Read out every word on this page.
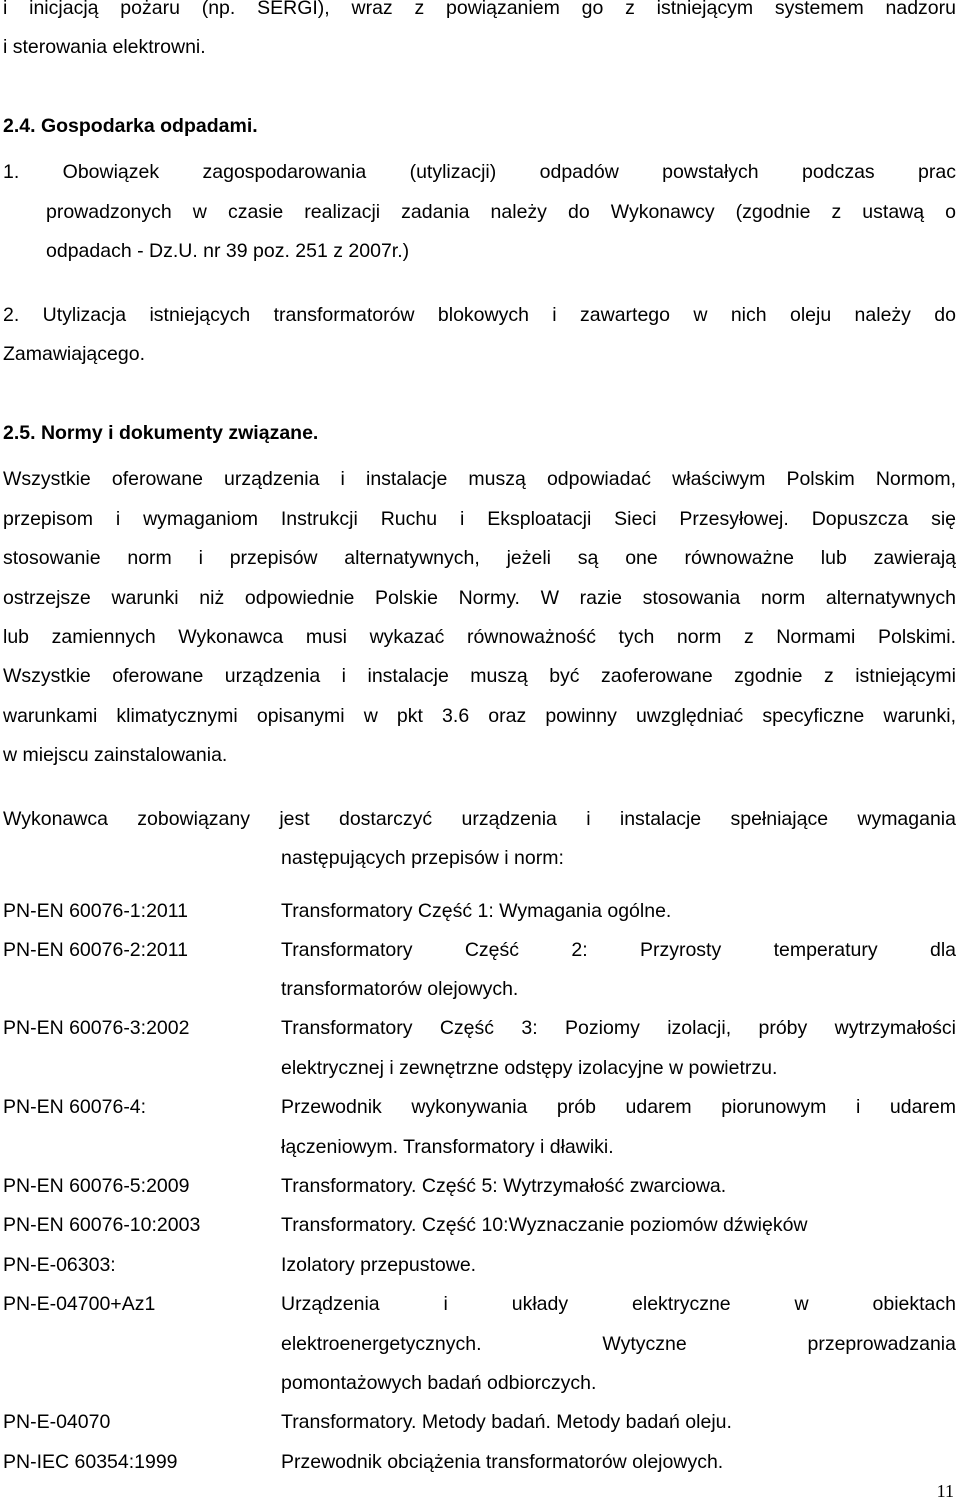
i inicjacją pożaru (np. SERGI), wraz z powiązaniem go z istniejącym systemem nadzoru
i sterowania elektrowni.
2.4. Gospodarka odpadami.
1. Obowiązek zagospodarowania (utylizacji) odpadów powstałych podczas prac
prowadzonych w czasie realizacji zadania należy do Wykonawcy (zgodnie z ustawą o
odpadach - Dz.U. nr 39 poz. 251 z 2007r.)
2. Utylizacja istniejących transformatorów blokowych i zawartego w nich oleju należy do
Zamawiającego.
2.5. Normy i dokumenty związane.
Wszystkie oferowane urządzenia i instalacje muszą odpowiadać właściwym Polskim Normom,
przepisom i wymaganiom Instrukcji Ruchu i Eksploatacji Sieci Przesyłowej. Dopuszcza się
stosowanie norm i przepisów alternatywnych, jeżeli są one równoważne lub zawierają
ostrzejsze warunki niż odpowiednie Polskie Normy. W razie stosowania norm alternatywnych
lub zamiennych Wykonawca musi wykazać równoważność tych norm z Normami Polskimi.
Wszystkie oferowane urządzenia i instalacje muszą być zaoferowane zgodnie z istniejącymi
warunkami klimatycznymi opisanymi w pkt 3.6 oraz powinny uwzględniać specyficzne warunki,
w miejscu zainstalowania.
Wykonawca zobowiązany jest dostarczyć urządzenia i instalacje spełniające wymagania
następujących przepisów i norm:
PN-EN 60076-1:2011	Transformatory Część 1: Wymagania ogólne.
PN-EN 60076-2:2011	Transformatory Część 2: Przyrosty temperatury dla
transformatorów olejowych.
PN-EN 60076-3:2002	Transformatory Część 3: Poziomy izolacji, próby wytrzymałości
elektrycznej i zewnętrzne odstępy izolacyjne w powietrzu.
PN-EN 60076-4:	Przewodnik wykonywania prób udarem piorunowym i udarem
łączeniowym. Transformatory i dławiki.
PN-EN 60076-5:2009	Transformatory. Część 5: Wytrzymałość zwarciowa.
PN-EN 60076-10:2003	Transformatory. Część 10:Wyznaczanie poziomów dźwięków
PN-E-06303:	Izolatory przepustowe.
PN-E-04700+Az1	Urządzenia i układy elektryczne w obiektach
elektroenergetycznych. Wytyczne przeprowadzania
pomontażowych badań odbiorczych.
PN-E-04070	Transformatory. Metody badań. Metody badań oleju.
PN-IEC 60354:1999	Przewodnik obciążenia transformatorów olejowych.
11
